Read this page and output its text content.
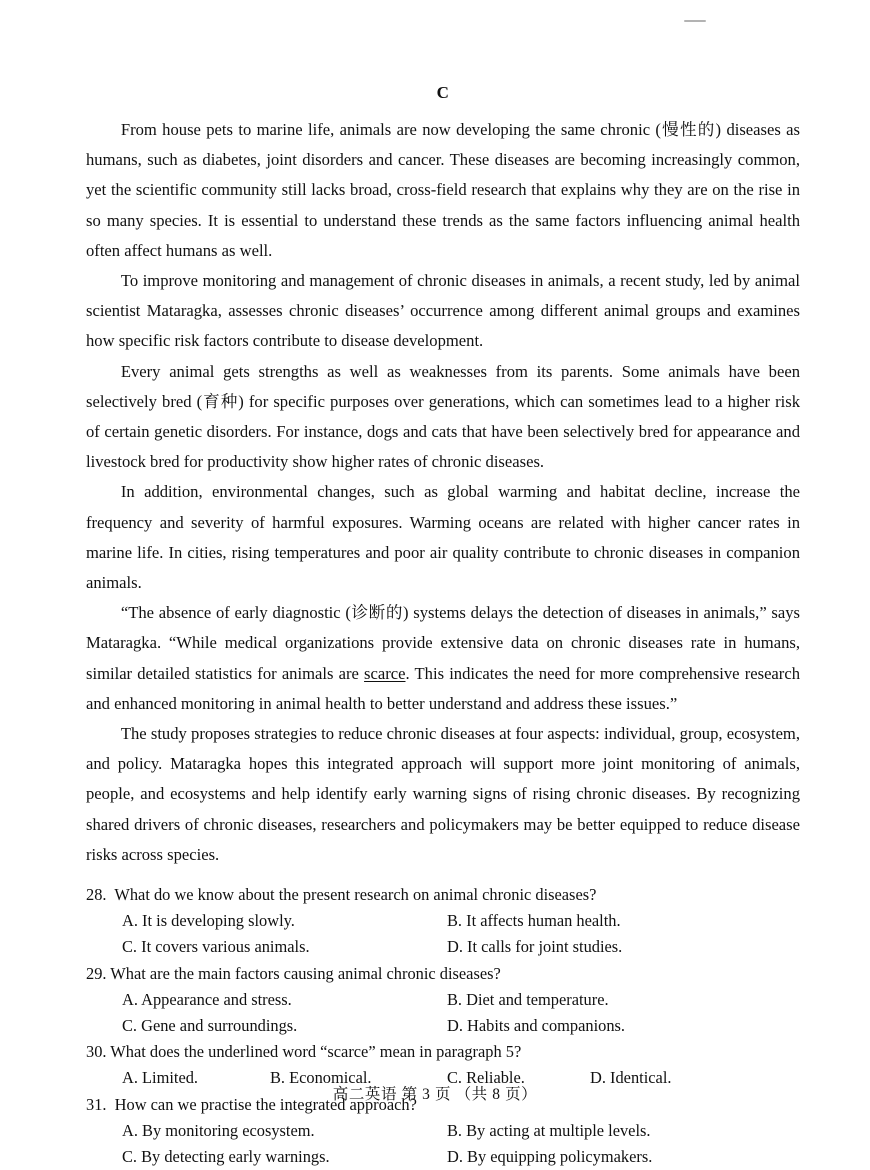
C

From house pets to marine life, animals are now developing the same chronic (慢性的) diseases as humans, such as diabetes, joint disorders and cancer. These diseases are becoming increasingly common, yet the scientific community still lacks broad, cross-field research that explains why they are on the rise in so many species. It is essential to understand these trends as the same factors influencing animal health often affect humans as well.

To improve monitoring and management of chronic diseases in animals, a recent study, led by animal scientist Mataragka, assesses chronic diseases’ occurrence among different animal groups and examines how specific risk factors contribute to disease development.

Every animal gets strengths as well as weaknesses from its parents. Some animals have been selectively bred (育种) for specific purposes over generations, which can sometimes lead to a higher risk of certain genetic disorders. For instance, dogs and cats that have been selectively bred for appearance and livestock bred for productivity show higher rates of chronic diseases.

In addition, environmental changes, such as global warming and habitat decline, increase the frequency and severity of harmful exposures. Warming oceans are related with higher cancer rates in marine life. In cities, rising temperatures and poor air quality contribute to chronic diseases in companion animals.

“The absence of early diagnostic (诊断的) systems delays the detection of diseases in animals,” says Mataragka. “While medical organizations provide extensive data on chronic diseases rate in humans, similar detailed statistics for animals are scarce. This indicates the need for more comprehensive research and enhanced monitoring in animal health to better understand and address these issues.”

The study proposes strategies to reduce chronic diseases at four aspects: individual, group, ecosystem, and policy. Mataragka hopes this integrated approach will support more joint monitoring of animals, people, and ecosystems and help identify early warning signs of rising chronic diseases. By recognizing shared drivers of chronic diseases, researchers and policymakers may be better equipped to reduce disease risks across species.

28.  What do we know about the present research on animal chronic diseases?
A. It is developing slowly.	B. It affects human health.
C. It covers various animals.	D. It calls for joint studies.
29. What are the main factors causing animal chronic diseases?
A. Appearance and stress.	B. Diet and temperature.
C. Gene and surroundings.	D. Habits and companions.
30. What does the underlined word “scarce” mean in paragraph 5?
A. Limited.	B. Economical.	C. Reliable.	D. Identical.
31.  How can we practise the integrated approach?
A. By monitoring ecosystem.	B. By acting at multiple levels.
C. By detecting early warnings.	D. By equipping policymakers.
高二英语 第 3 页 （共 8 页）
